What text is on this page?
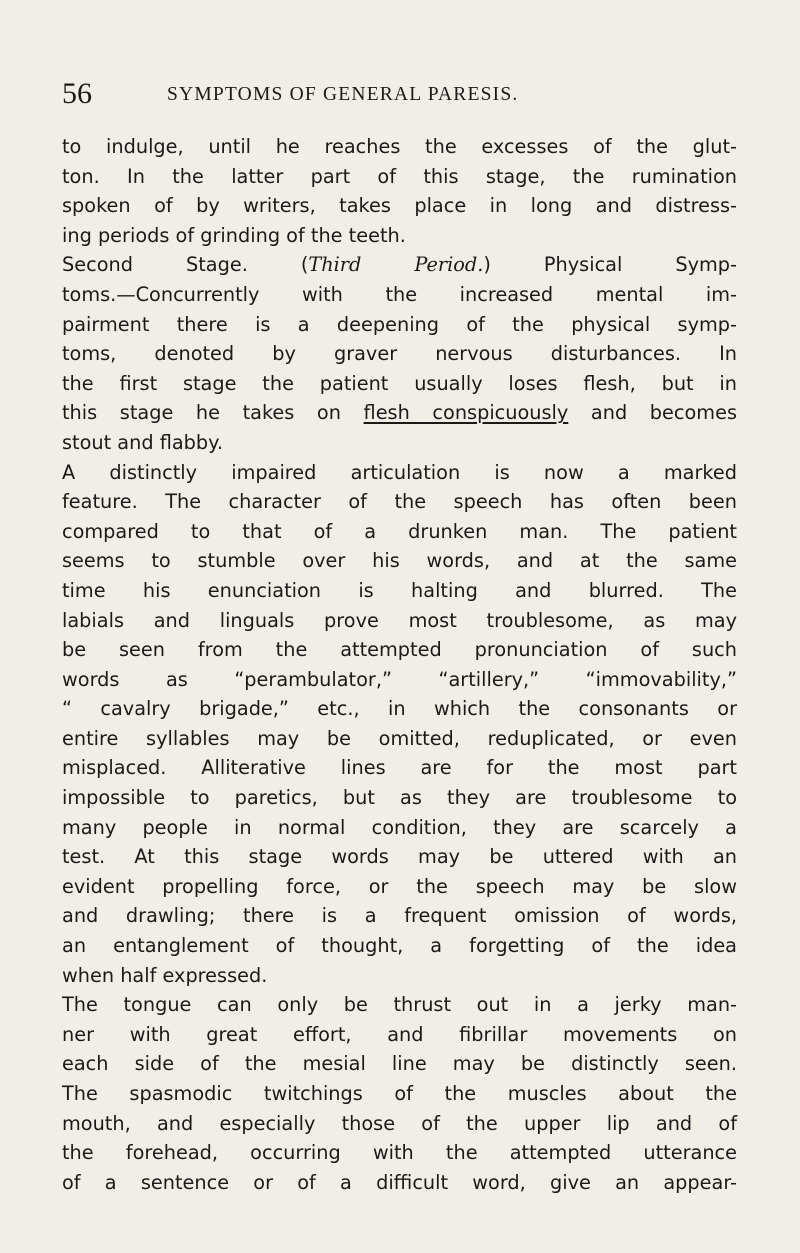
56	SYMPTOMS OF GENERAL PARESIS.
to indulge, until he reaches the excesses of the glut-
ton. In the latter part of this stage, the rumination
spoken of by writers, takes place in long and distress-
ing periods of grinding of the teeth.
Second Stage. (Third Period.) Physical Symp-
toms.—Concurrently with the increased mental im-
pairment there is a deepening of the physical symp-
toms, denoted by graver nervous disturbances. In
the first stage the patient usually loses flesh, but in
this stage he takes on flesh conspicuously and becomes
stout and flabby.
A distinctly impaired articulation is now a marked
feature. The character of the speech has often been
compared to that of a drunken man. The patient
seems to stumble over his words, and at the same
time his enunciation is halting and blurred. The
labials and linguals prove most troublesome, as may
be seen from the attempted pronunciation of such
words as “perambulator,” “artillery,” “immovability,”
“ cavalry brigade,” etc., in which the consonants or
entire syllables may be omitted, reduplicated, or even
misplaced. Alliterative lines are for the most part
impossible to paretics, but as they are troublesome to
many people in normal condition, they are scarcely a
test. At this stage words may be uttered with an
evident propelling force, or the speech may be slow
and drawling; there is a frequent omission of words,
an entanglement of thought, a forgetting of the idea
when half expressed.
The tongue can only be thrust out in a jerky man-
ner with great effort, and fibrillar movements on
each side of the mesial line may be distinctly seen.
The spasmodic twitchings of the muscles about the
mouth, and especially those of the upper lip and of
the forehead, occurring with the attempted utterance
of a sentence or of a difficult word, give an appear-
